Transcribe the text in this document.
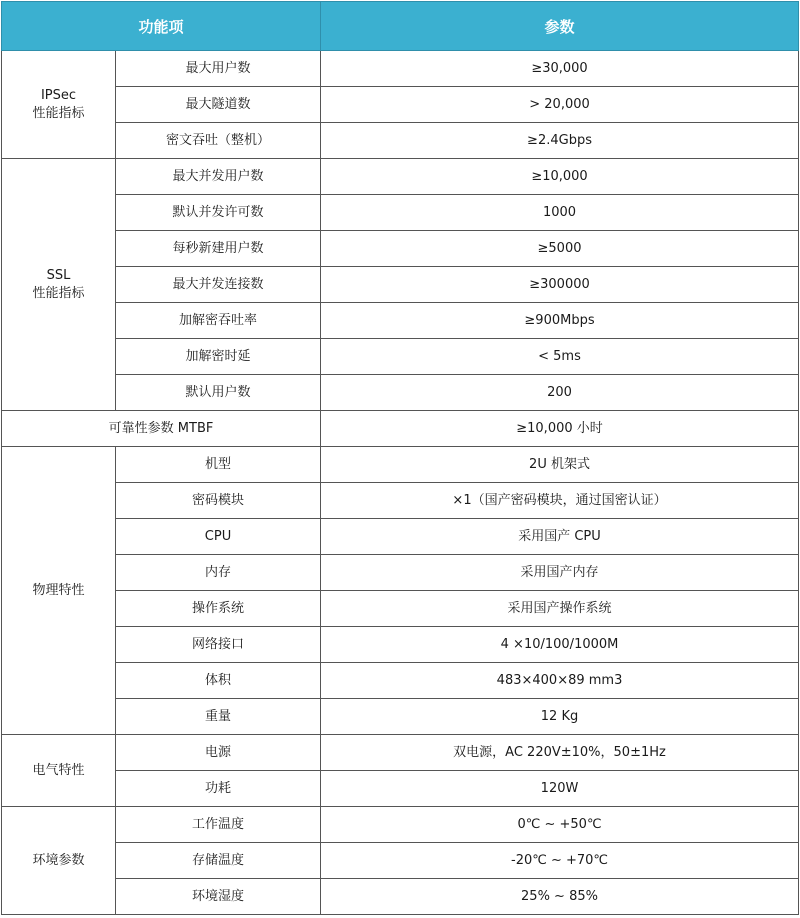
功能项		参数

IPSec
性能指标	最大用户数	≥30,000
	最大隧道数	> 20,000
	密文吞吐（整机）	≥2.4Gbps

SSL
性能指标	最大并发用户数	≥10,000
	默认并发许可数	1000
	每秒新建用户数	≥5000
	最大并发连接数	≥300000
	加解密吞吐率	≥900Mbps
	加解密时延	< 5ms
	默认用户数	200
可靠性参数 MTBF		≥10,000 小时
物理特性	机型	2U 机架式
	密码模块	×1（国产密码模块，通过国密认证）
	CPU	采用国产 CPU
	内存	采用国产内存
	操作系统	采用国产操作系统
	网络接口	4 ×10/100/1000M
	体积	483×400×89 mm3
	重量	12 Kg
电气特性	电源	双电源，AC 220V±10%，50±1Hz
	功耗	120W
环境参数	工作温度	0℃ ~ +50℃
	存储温度	-20℃ ~ +70℃
	环境湿度	25% ~ 85%
